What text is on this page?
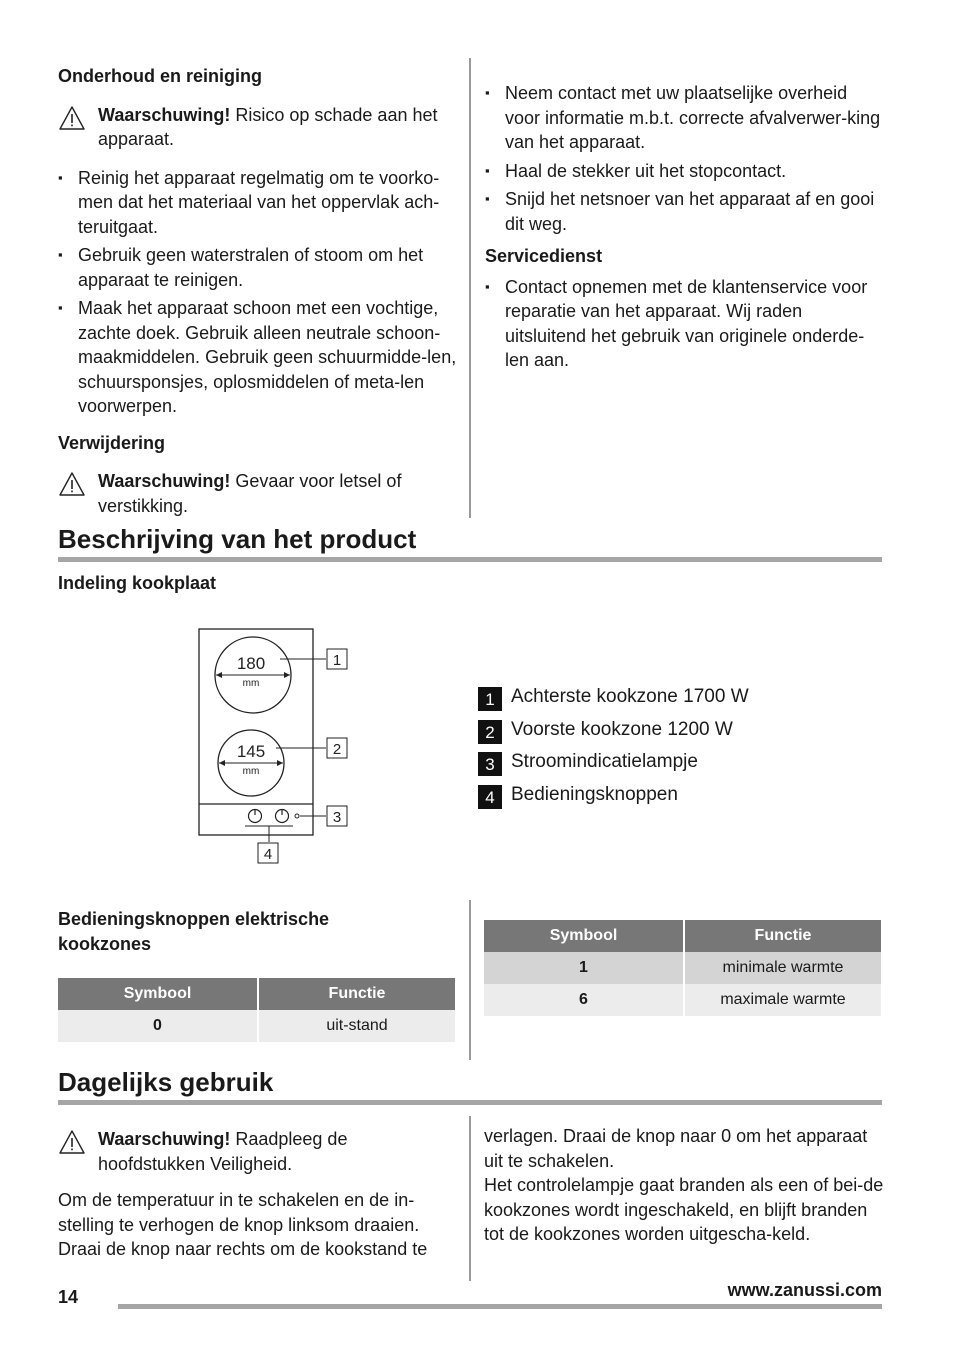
Onderhoud en reiniging

Waarschuwing! Risico op schade aan het apparaat.
▪ Reinig het apparaat regelmatig om te voorko-men dat het materiaal van het oppervlak ach-teruitgaat.
▪ Gebruik geen waterstralen of stoom om het apparaat te reinigen.
▪ Maak het apparaat schoon met een vochtige, zachte doek. Gebruik alleen neutrale schoon-maakmiddelen. Gebruik geen schuurmidde-len, schuursponsjes, oplosmiddelen of meta-len voorwerpen.

Verwijdering

Waarschuwing! Gevaar voor letsel of verstikking.
▪ Neem contact met uw plaatselijke overheid voor informatie m.b.t. correcte afvalverwer-king van het apparaat.
▪ Haal de stekker uit het stopcontact.
▪ Snijd het netsnoer van het apparaat af en gooi dit weg.

Servicedienst

▪ Contact opnemen met de klantenservice voor reparatie van het apparaat. Wij raden uitsluitend het gebruik van originele onderde-len aan.
Beschrijving van het product

Indeling kookplaat

180
mm
145
mm
1
2
3
4
1 Achterste kookzone 1700 W
2 Voorste kookzone 1200 W
3 Stroomindicatielampje
4 Bedieningsknoppen

Bedieningsknoppen elektrische
kookzones

Symbool	Functie
0	uit-stand
Symbool	Functie
1	minimale warmte
6	maximale warmte
Dagelijks gebruik
Waarschuwing! Raadpleeg de hoofdstukken Veiligheid.

Om de temperatuur in te schakelen en de in-stelling te verhogen de knop linksom draaien. Draai de knop naar rechts om de kookstand te

verlagen. Draai de knop naar 0 om het apparaat uit te schakelen.

Het controlelampje gaat branden als een of bei-de kookzones wordt ingeschakeld, en blijft branden tot de kookzones worden uitgescha-keld.

14	www.zanussi.com
